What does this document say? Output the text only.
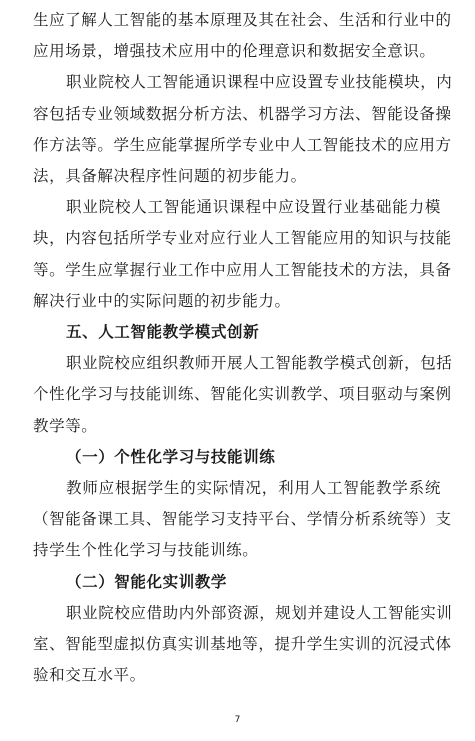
生应了解人工智能的基本原理及其在社会、生活和行业中的
应用场景，增强技术应用中的伦理意识和数据安全意识。
职业院校人工智能通识课程中应设置专业技能模块，内
容包括专业领域数据分析方法、机器学习方法、智能设备操
作方法等。学生应能掌握所学专业中人工智能技术的应用方
法，具备解决程序性问题的初步能力。
职业院校人工智能通识课程中应设置行业基础能力模
块，内容包括所学专业对应行业人工智能应用的知识与技能
等。学生应掌握行业工作中应用人工智能技术的方法，具备
解决行业中的实际问题的初步能力。
五、人工智能教学模式创新
职业院校应组织教师开展人工智能教学模式创新，包括
个性化学习与技能训练、智能化实训教学、项目驱动与案例
教学等。
（一）个性化学习与技能训练
教师应根据学生的实际情况，利用人工智能教学系统
（智能备课工具、智能学习支持平台、学情分析系统等）支
持学生个性化学习与技能训练。
（二）智能化实训教学
职业院校应借助内外部资源，规划并建设人工智能实训
室、智能型虚拟仿真实训基地等，提升学生实训的沉浸式体
验和交互水平。
7
